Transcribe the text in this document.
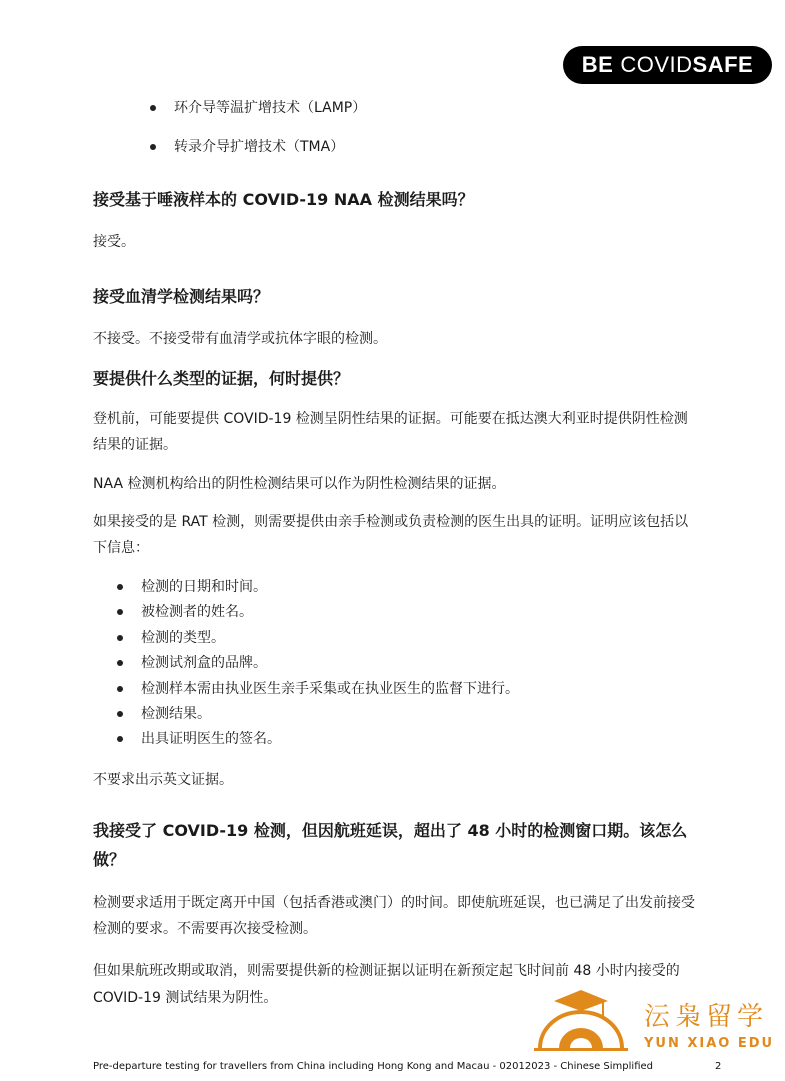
BE COVID SAFE
环介导等温扩增技术（LAMP）
转录介导扩增技术（TMA）
接受基于唾液样本的 COVID-19 NAA 检测结果吗？
接受。
接受血清学检测结果吗？
不接受。不接受带有血清学或抗体字眼的检测。
要提供什么类型的证据，何时提供？
登机前，可能要提供 COVID-19 检测呈阴性结果的证据。可能要在抵达澳大利亚时提供阴性检测
结果的证据。
NAA 检测机构给出的阴性检测结果可以作为阴性检测结果的证据。
如果接受的是 RAT 检测，则需要提供由亲手检测或负责检测的医生出具的证明。证明应该包括以
下信息：
检测的日期和时间。
被检测者的姓名。
检测的类型。
检测试剂盒的品牌。
检测样本需由执业医生亲手采集或在执业医生的监督下进行。
检测结果。
出具证明医生的签名。
不要求出示英文证据。
我接受了 COVID-19 检测，但因航班延误，超出了 48 小时的检测窗口期。该怎么
做？
检测要求适用于既定离开中国（包括香港或澳门）的时间。即使航班延误，也已满足了出发前接受
检测的要求。不需要再次接受检测。
但如果航班改期或取消，则需要提供新的检测证据以证明在新预定起飞时间前 48 小时内接受的
COVID-19 测试结果为阴性。
沄枭留学
YUN XIAO EDU
Pre-departure testing for travellers from China including Hong Kong and Macau - 02012023 - Chinese Simplified	2
